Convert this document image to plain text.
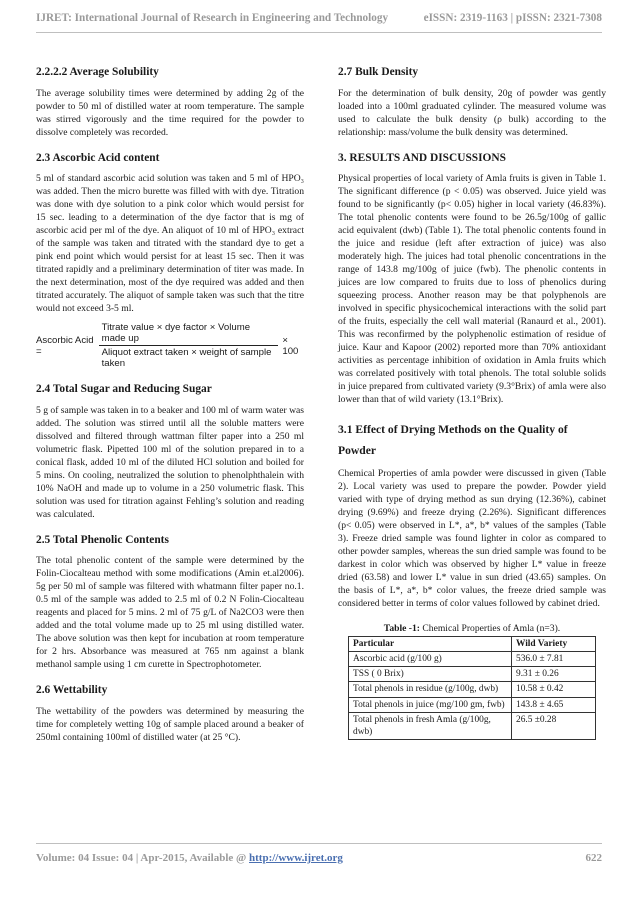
IJRET: International Journal of Research in Engineering and Technology	eISSN: 2319-1163 | pISSN: 2321-7308
2.2.2.2 Average Solubility

The average solubility times were determined by adding 2g of the powder to 50 ml of distilled water at room temperature. The sample was stirred vigorously and the time required for the powder to dissolve completely was recorded.

2.3 Ascorbic Acid content

5 ml of standard ascorbic acid solution was taken and 5 ml of HPO₃ was added. Then the micro burette was filled with with dye. Titration was done with dye solution to a pink color which would persist for 15 sec. leading to a determination of the dye factor that is mg of ascorbic acid per ml of the dye. An aliquot of 10 ml of HPO₃ extract of the sample was taken and titrated with the standard dye to get a pink end point which would persist for at least 15 sec. Then it was titrated rapidly and a preliminary determination of titer was made. In the next determination, most of the dye required was added and then titrated accurately. The aliquot of sample taken was such that the titre would not exceed 3-5 ml.

Ascorbic Acid =	$\frac{\text{Titrate value × dye factor × Volume made up}}{\text{Aliquot extract taken × weight of sample taken}} \times 100$
2.4 Total Sugar and Reducing Sugar

5 g of sample was taken in to a beaker and 100 ml of warm water was added. The solution was stirred until all the soluble matters were dissolved and filtered through wattman filter paper into a 250 ml volumetric flask. Pipetted 100 ml of the solution prepared in to a conical flask, added 10 ml of the diluted HCl solution and boiled for 5 mins. On cooling, neutralized the solution to phenolphthalein with 10% NaOH and made up to volume in a 250 volumetric flask. This solution was used for titration against Fehling’s solution and reading was calculated.

2.5 Total Phenolic Contents

The total phenolic content of the sample were determined by the Folin-Ciocalteau method with some modifications (Amin et.al2006). 5g per 50 ml of sample was filtered with whatmann filter paper no.1. 0.5 ml of the sample was added to 2.5 ml of 0.2 N Folin-Ciocalteau reagents and placed for 5 mins. 2 ml of 75 g/L of Na2CO3 were then added and the total volume made up to 25 ml using distilled water. The above solution was then kept for incubation at room temperature for 2 hrs. Absorbance was measured at 765 nm against a blank methanol sample using 1 cm curette in Spectrophotometer.

2.6 Wettability

The wettability of the powders was determined by measuring the time for completely wetting 10g of sample placed around a beaker of 250ml containing 100ml of distilled water (at 25 °C).

2.7 Bulk Density

For the determination of bulk density, 20g of powder was gently loaded into a 100ml graduated cylinder. The measured volume was used to calculate the bulk density (ρ bulk) according to the relationship: mass/volume the bulk density was determined.

3. RESULTS AND DISCUSSIONS

Physical properties of local variety of Amla fruits is given in Table 1. The significant difference (p < 0.05) was observed. Juice yield was found to be significantly (p< 0.05) higher in local variety (46.83%). The total phenolic contents were found to be 26.5g/100g of gallic acid equivalent (dwb) (Table 1). The total phenolic contents found in the juice and residue (left after extraction of juice) was also moderately high. The juices had total phenolic concentrations in the range of 143.8 mg/100g of juice (fwb). The phenolic contents in juices are low compared to fruits due to loss of phenolics during squeezing process. Another reason may be that polyphenols are involved in specific physicochemical interactions with the solid part of the fruits, especially the cell wall material (Ranaurd et al., 2001). This was reconfirmed by the polyphenolic estimation of residue of juice. Kaur and Kapoor (2002) reported more than 70% antioxidant activities as percentage inhibition of oxidation in Amla fruits which was correlated positively with total phenols. The total soluble solids in juice prepared from cultivated variety (9.3°Brix) of amla were also lower than that of wild variety (13.1°Brix).

3.1 Effect of Drying Methods on the Quality of Powder

Chemical Properties of amla powder were discussed in given (Table 2). Local variety was used to prepare the powder. Powder yield varied with type of drying method as sun drying (12.36%), cabinet drying (9.69%) and freeze drying (2.26%). Significant differences (p< 0.05) were observed in L*, a*, b* values of the samples (Table 3). Freeze dried sample was found lighter in color as compared to other powder samples, whereas the sun dried sample was found to be darkest in color which was observed by higher L* value in freeze dried (63.58) and lower L* value in sun dried (43.65) samples. On the basis of L*, a*, b* color values, the freeze dried sample was considered better in terms of color values followed by cabinet dried.

Table -1: Chemical Properties of Amla (n=3).
Particular	Wild Variety
Ascorbic acid (g/100 g)	536.0 ± 7.81
TSS ( 0 Brix)	9.31 ± 0.26
Total phenols in residue (g/100g, dwb)	10.58 ± 0.42
Total phenols in juice (mg/100 gm, fwb)	143.8 ± 4.65
Total phenols in fresh Amla (g/100g, dwb)	26.5 ±0.28
Volume: 04 Issue: 04 | Apr-2015, Available @ http://www.ijret.org	622
